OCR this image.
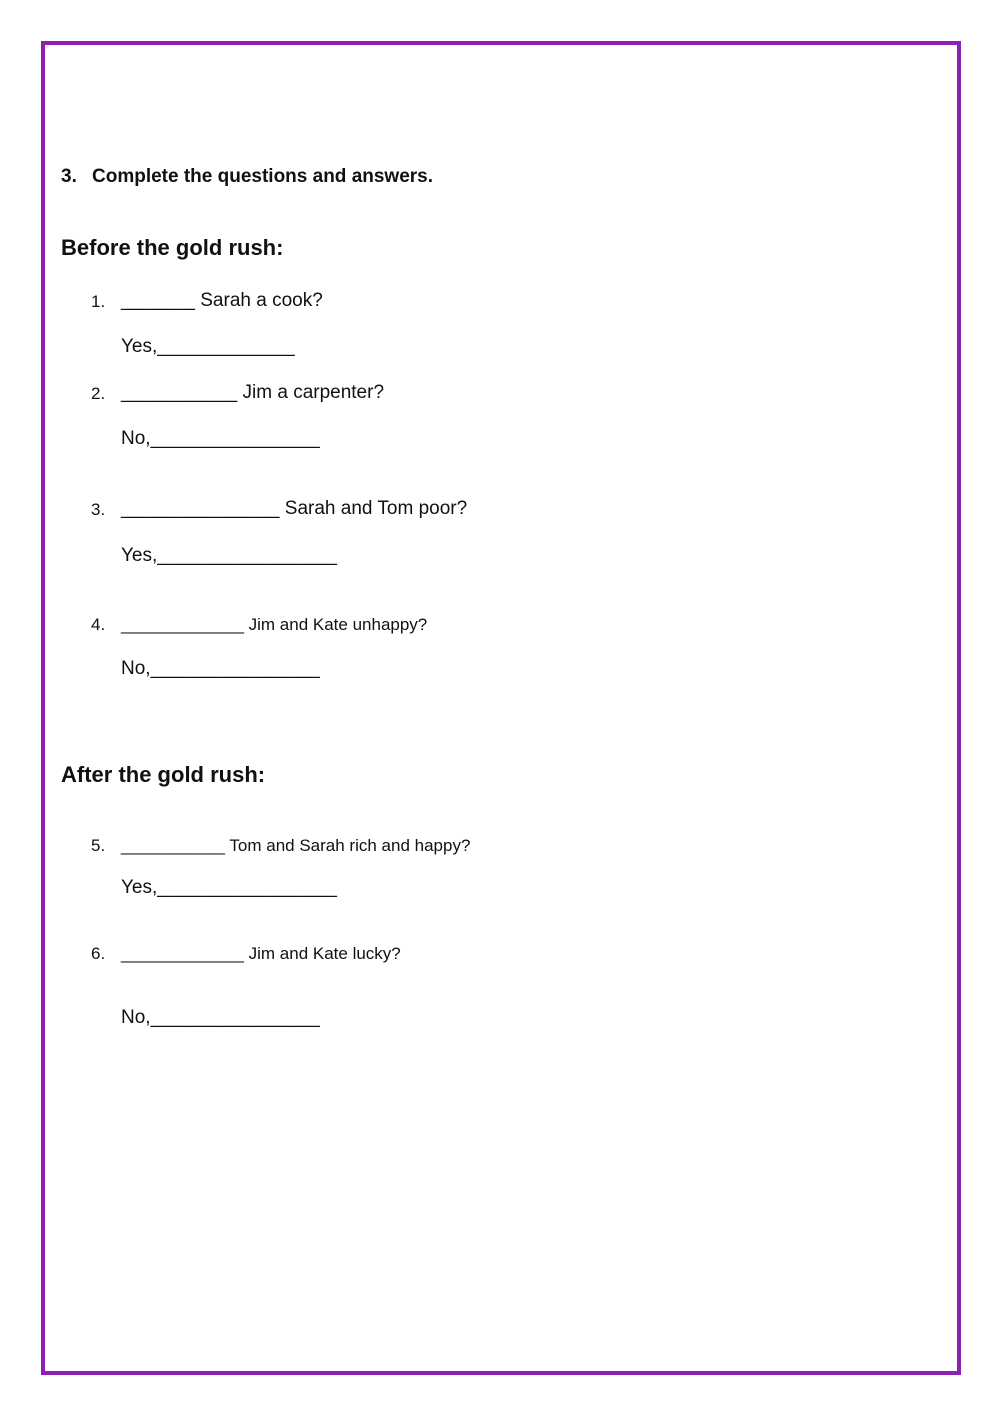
3. Complete the questions and answers.
Before the gold rush:
1. _______ Sarah a cook?
Yes,_____________
2. ___________ Jim a carpenter?
No,________________
3. _______________ Sarah and Tom poor?
Yes,_________________
4. _____________ Jim and Kate unhappy?
No,________________
After the gold rush:
5. ___________ Tom and Sarah rich and happy?
Yes,_________________
6. _____________ Jim and Kate lucky?
No,________________
